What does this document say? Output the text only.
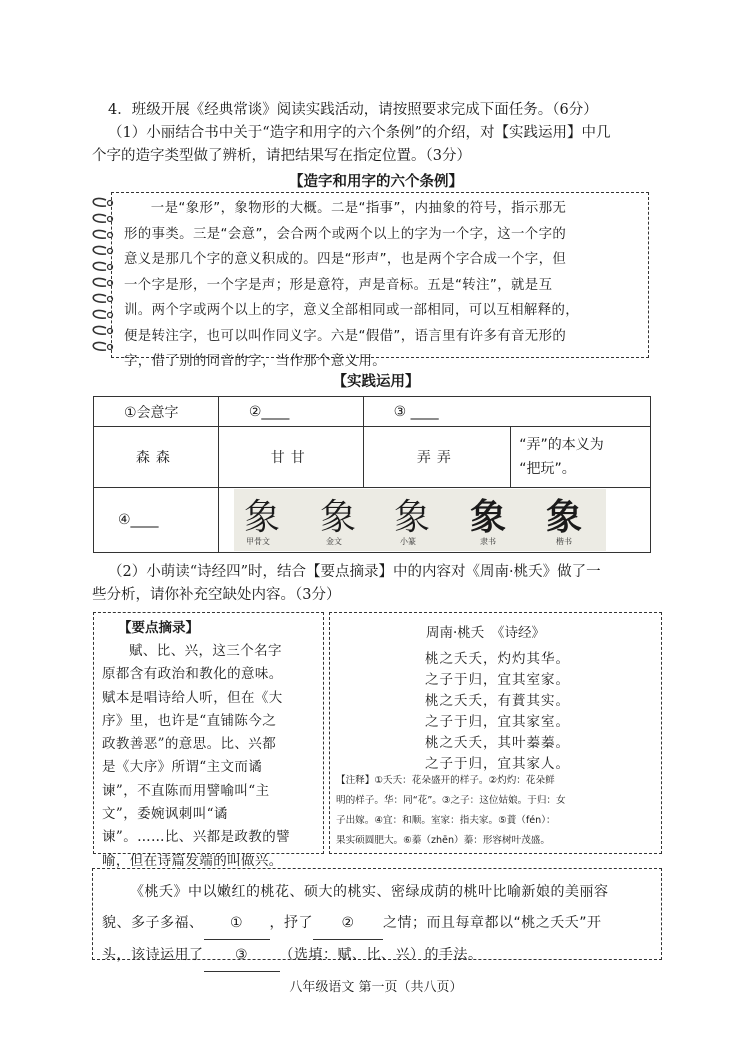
4．班级开展《经典常谈》阅读实践活动，请按照要求完成下面任务。（6分）
（1）小丽结合书中关于“造字和用字的六个条例”的介绍，对【实践运用】中几
个字的造字类型做了辨析，请把结果写在指定位置。（3分）
【造字和用字的六个条例】

一是“象形”，象物形的大概。二是“指事”，内抽象的符号，指示那无

形的事类。三是“会意”，会合两个或两个以上的字为一个字，这一个字的

意义是那几个字的意义积成的。四是“形声”，也是两个字合成一个字，但

一个字是形，一个字是声；形是意符，声是音标。五是“转注”，就是互

训。两个字或两个以上的字，意义全部相同或一部相同，可以互相解释的，

便是转注字，也可以叫作同义字。六是“假借”，语言里有许多有音无形的

字，借了别的同音的字，当作那个意义用。

【实践运用】
①会意字	②____	③ ____	
森森	甘甘	弄弄	“弄”的本义为
“把玩”。

④____			象 象 象 象 象
甲骨文	金文	小篆	隶书	楷书
（2）小萌读“诗经四”时，结合【要点摘录】中的内容对《周南·桃夭》做了一
些分析，请你补充空缺处内容。（3分）
【要点摘录】

赋、比、兴，这三个名字

原都含有政治和教化的意味。

赋本是唱诗给人听，但在《大

序》里，也许是“直铺陈今之

政教善恶”的意思。比、兴都

是《大序》所谓“主文而谲

谏”，不直陈而用譬喻叫“主

文”，委婉讽刺叫“谲

谏”。……比、兴都是政教的譬

喻，但在诗篇发端的叫做兴。

周南·桃夭　《诗经》
桃之夭夭，灼灼其华。
之子于归，宜其室家。
桃之夭夭，有蕡其实。
之子于归，宜其家室。
桃之夭夭，其叶蓁蓁。
之子于归，宜其家人。

【注释】①夭夭：花朵盛开的样子。②灼灼：花朵鲜

明的样子。华：同“花”。③之子：这位姑娘。于归：女

子出嫁。④宜：和顺。室家：指夫家。⑤蕡（fén）：

果实硕圆肥大。⑥蓁（zhēn）蓁：形容树叶茂盛。

《桃夭》中以嫩红的桃花、硕大的桃实、密绿成荫的桃叶比喻新娘的美丽容

貌、多子多福、 ① ，抒了 ② 之情；而且每章都以“桃之夭夭”开

头，该诗运用了 ③ （选填：赋、比、兴）的手法。

八年级语文 第一页（共八页）
